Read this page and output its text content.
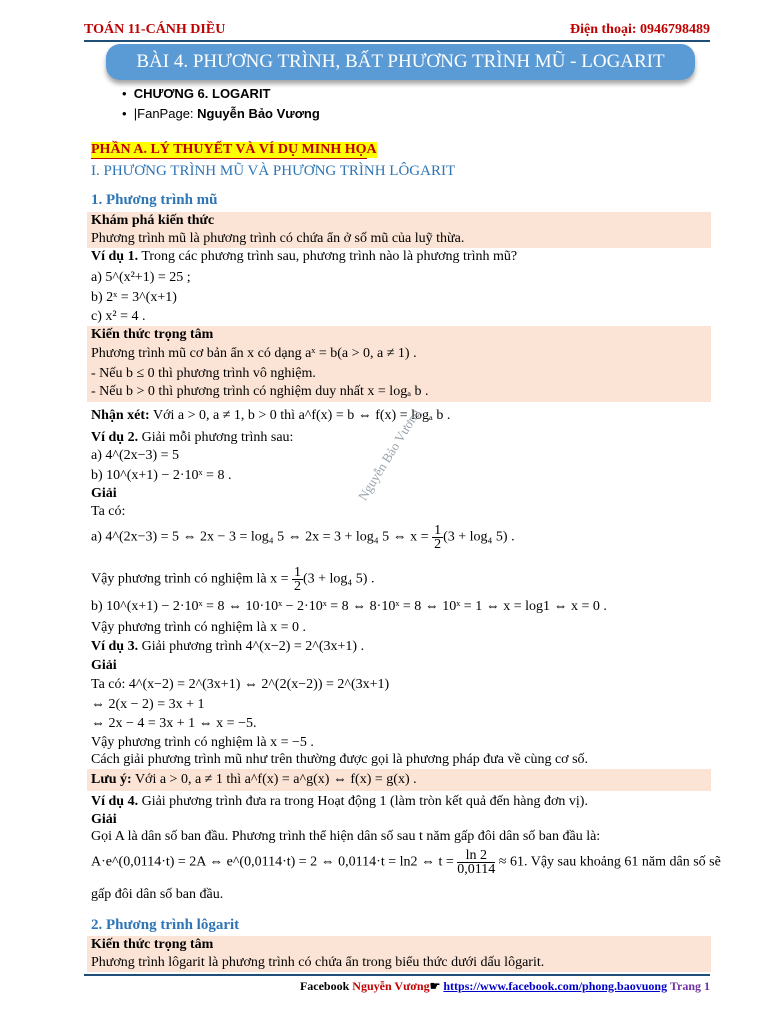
TOÁN 11-CÁNH DIỀU	Điện thoại: 0946798489
BÀI 4. PHƯƠNG TRÌNH, BẤT PHƯƠNG TRÌNH MŨ - LOGARIT
•  CHƯƠNG 6. LOGARIT
•  |FanPage: Nguyễn Bảo Vương
PHẦN A. LÝ THUYẾT VÀ VÍ DỤ MINH HỌA
I. PHƯƠNG TRÌNH MŨ VÀ PHƯƠNG TRÌNH LÔGARIT
1. Phương trình mũ
Khám phá kiến thức
Phương trình mũ là phương trình có chứa ẩn ở số mũ của luỹ thừa.
Ví dụ 1. Trong các phương trình sau, phương trình nào là phương trình mũ?
a) 5^(x²+1) = 25 ;
b) 2ˣ = 3^(x+1)
c) x² = 4 .
Kiến thức trọng tâm
Phương trình mũ cơ bản ẩn x có dạng aˣ = b(a > 0, a ≠ 1) .
- Nếu b ≤ 0 thì phương trình vô nghiệm.
- Nếu b > 0 thì phương trình có nghiệm duy nhất x = logₐ b .
Nhận xét: Với a > 0, a ≠ 1, b > 0 thì a^f(x) = b ⇔ f(x) = logₐ b .
Ví dụ 2. Giải mỗi phương trình sau:
a) 4^(2x−3) = 5
b) 10^(x+1) − 2·10ˣ = 8 .
Giải
Ta có:
a) 4^(2x−3) = 5 ⇔ 2x − 3 = log₄ 5 ⇔ 2x = 3 + log₄ 5 ⇔ $x = \frac{1}{2} (3 + \log_4$ 5) .
Vậy phương trình có nghiệm là $x = \frac{1}{2} (3 + \log_4$ 5) .
b) 10^(x+1) − 2·10ˣ = 8 ⇔ 10·10ˣ − 2·10ˣ = 8 ⇔ 8·10ˣ = 8 ⇔ 10ˣ = 1 ⇔ x = log1 ⇔ x = 0 .
Vậy phương trình có nghiệm là x = 0 .
Ví dụ 3. Giải phương trình 4^(x−2) = 2^(3x+1) .
Giải
Ta có: 4^(x−2) = 2^(3x+1) ⇔ 2^(2(x−2)) = 2^(3x+1)
⇔ 2(x − 2) = 3x + 1
⇔ 2x − 4 = 3x + 1 ⇔ x = −5.
Vậy phương trình có nghiệm là x = −5 .
Cách giải phương trình mũ như trên thường được gọi là phương pháp đưa về cùng cơ số.
Lưu ý: Với a > 0, a ≠ 1 thì a^f(x) = a^g(x) ⇔ f(x) = g(x) .
Ví dụ 4. Giải phương trình đưa ra trong Hoạt động 1 (làm tròn kết quả đến hàng đơn vị).
Giải
Gọi A là dân số ban đầu. Phương trình thể hiện dân số sau t năm gấp đôi dân số ban đầu là:
A·e^(0,0114·t) = 2A ⇔ e^(0,0114·t) = 2 ⇔ 0,0114·t = ln2 ⇔ $t = \frac{\ln 2}{0,0114} \approx 61$. Vậy sau khoảng 61 năm dân số sẽ
gấp đôi dân số ban đầu.
2. Phương trình lôgarit
Kiến thức trọng tâm
Phương trình lôgarit là phương trình có chứa ẩn trong biểu thức dưới dấu lôgarit.
Nguyễn Bảo Vương
Facebook Nguyễn Vương☛ https://www.facebook.com/phong.baovuong Trang 1
